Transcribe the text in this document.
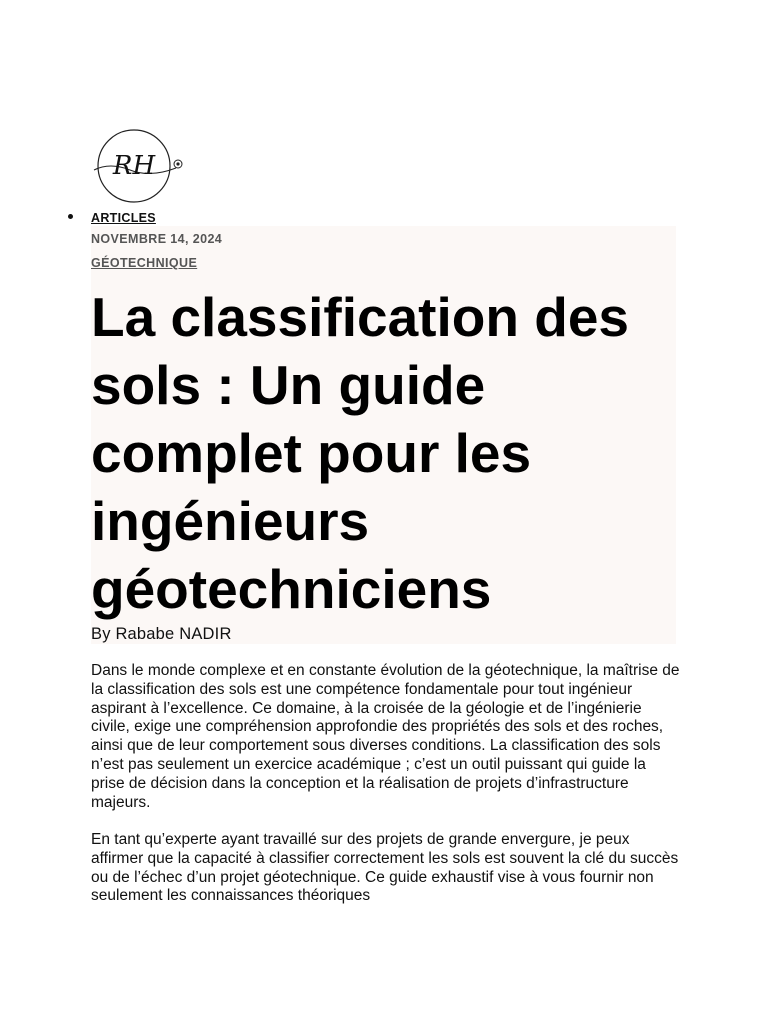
RH
ARTICLES
NOVEMBRE 14, 2024
GÉOTECHNIQUE
La classification des sols : Un guide complet pour les ingénieurs géotechniciens
By Rababe NADIR

Dans le monde complexe et en constante évolution de la géotechnique, la maîtrise de la classification des sols est une compétence fondamentale pour tout ingénieur aspirant à l’excellence. Ce domaine, à la croisée de la géologie et de l’ingénierie civile, exige une compréhension approfondie des propriétés des sols et des roches, ainsi que de leur comportement sous diverses conditions. La classification des sols n’est pas seulement un exercice académique ; c’est un outil puissant qui guide la prise de décision dans la conception et la réalisation de projets d’infrastructure majeurs.

En tant qu’experte ayant travaillé sur des projets de grande envergure, je peux affirmer que la capacité à classifier correctement les sols est souvent la clé du succès ou de l’échec d’un projet géotechnique. Ce guide exhaustif vise à vous fournir non seulement les connaissances théoriques
